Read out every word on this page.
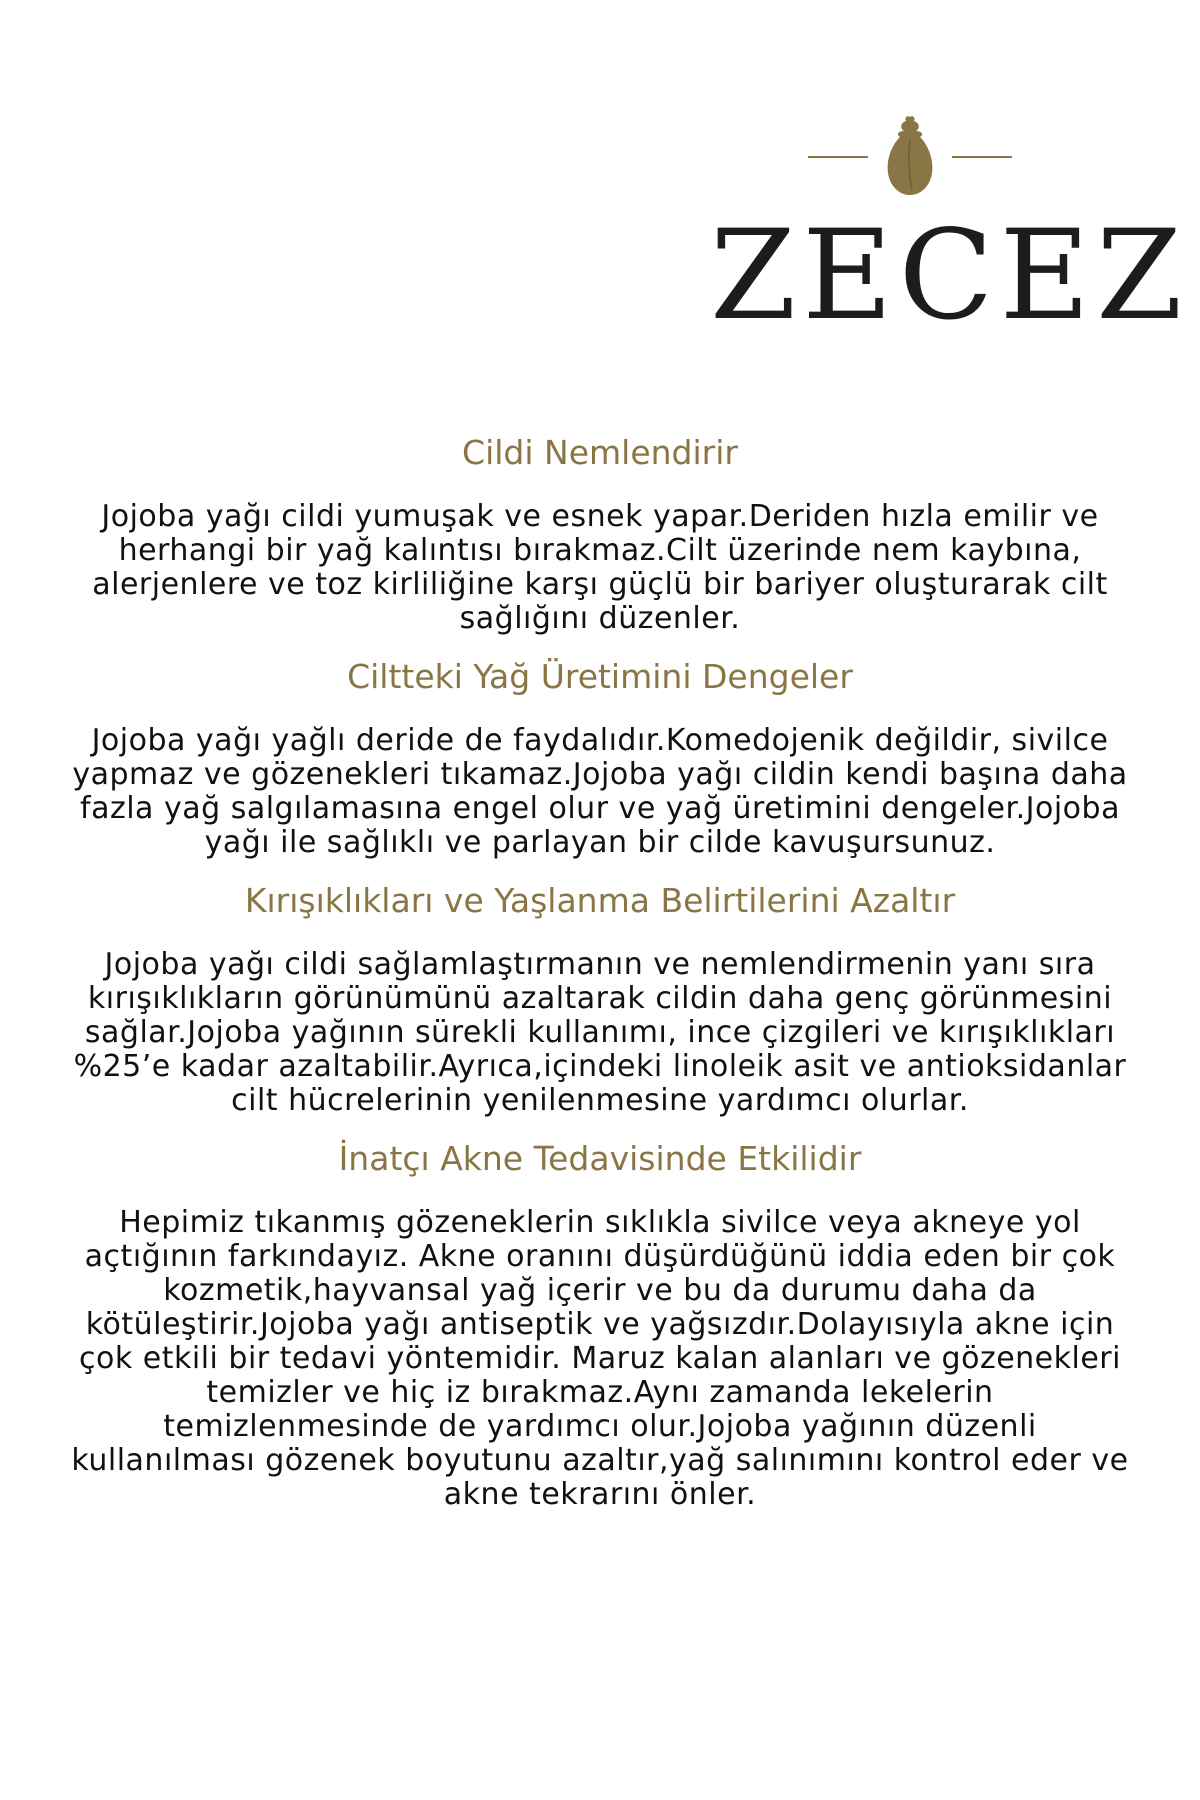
ZECEZ
Cildi Nemlendirir

Jojoba yağı cildi yumuşak ve esnek yapar.Deriden hızla emilir ve herhangi bir yağ kalıntısı bırakmaz.Cilt üzerinde nem kaybına, alerjenlere ve toz kirliliğine karşı güçlü bir bariyer oluşturarak cilt sağlığını düzenler.

Ciltteki Yağ Üretimini Dengeler

Jojoba yağı yağlı deride de faydalıdır.Komedojenik değildir, sivilce yapmaz ve gözenekleri tıkamaz.Jojoba yağı cildin kendi başına daha fazla yağ salgılamasına engel olur ve yağ üretimini dengeler.Jojoba yağı ile sağlıklı ve parlayan bir cilde kavuşursunuz.

Kırışıklıkları ve Yaşlanma Belirtilerini Azaltır

Jojoba yağı cildi sağlamlaştırmanın ve nemlendirmenin yanı sıra kırışıklıkların görünümünü azaltarak cildin daha genç görünmesini sağlar.Jojoba yağının sürekli kullanımı, ince çizgileri ve kırışıklıkları %25’e kadar azaltabilir.Ayrıca,içindeki linoleik asit ve antioksidanlar cilt hücrelerinin yenilenmesine yardımcı olurlar.

İnatçı Akne Tedavisinde Etkilidir

Hepimiz tıkanmış gözeneklerin sıklıkla sivilce veya akneye yol açtığının farkındayız. Akne oranını düşürdüğünü iddia eden bir çok kozmetik,hayvansal yağ içerir ve bu da durumu daha da kötüleştirir.Jojoba yağı antiseptik ve yağsızdır.Dolayısıyla akne için çok etkili bir tedavi yöntemidir. Maruz kalan alanları ve gözenekleri temizler ve hiç iz bırakmaz.Aynı zamanda lekelerin temizlenmesinde de yardımcı olur.Jojoba yağının düzenli kullanılması gözenek boyutunu azaltır,yağ salınımını kontrol eder ve akne tekrarını önler.
